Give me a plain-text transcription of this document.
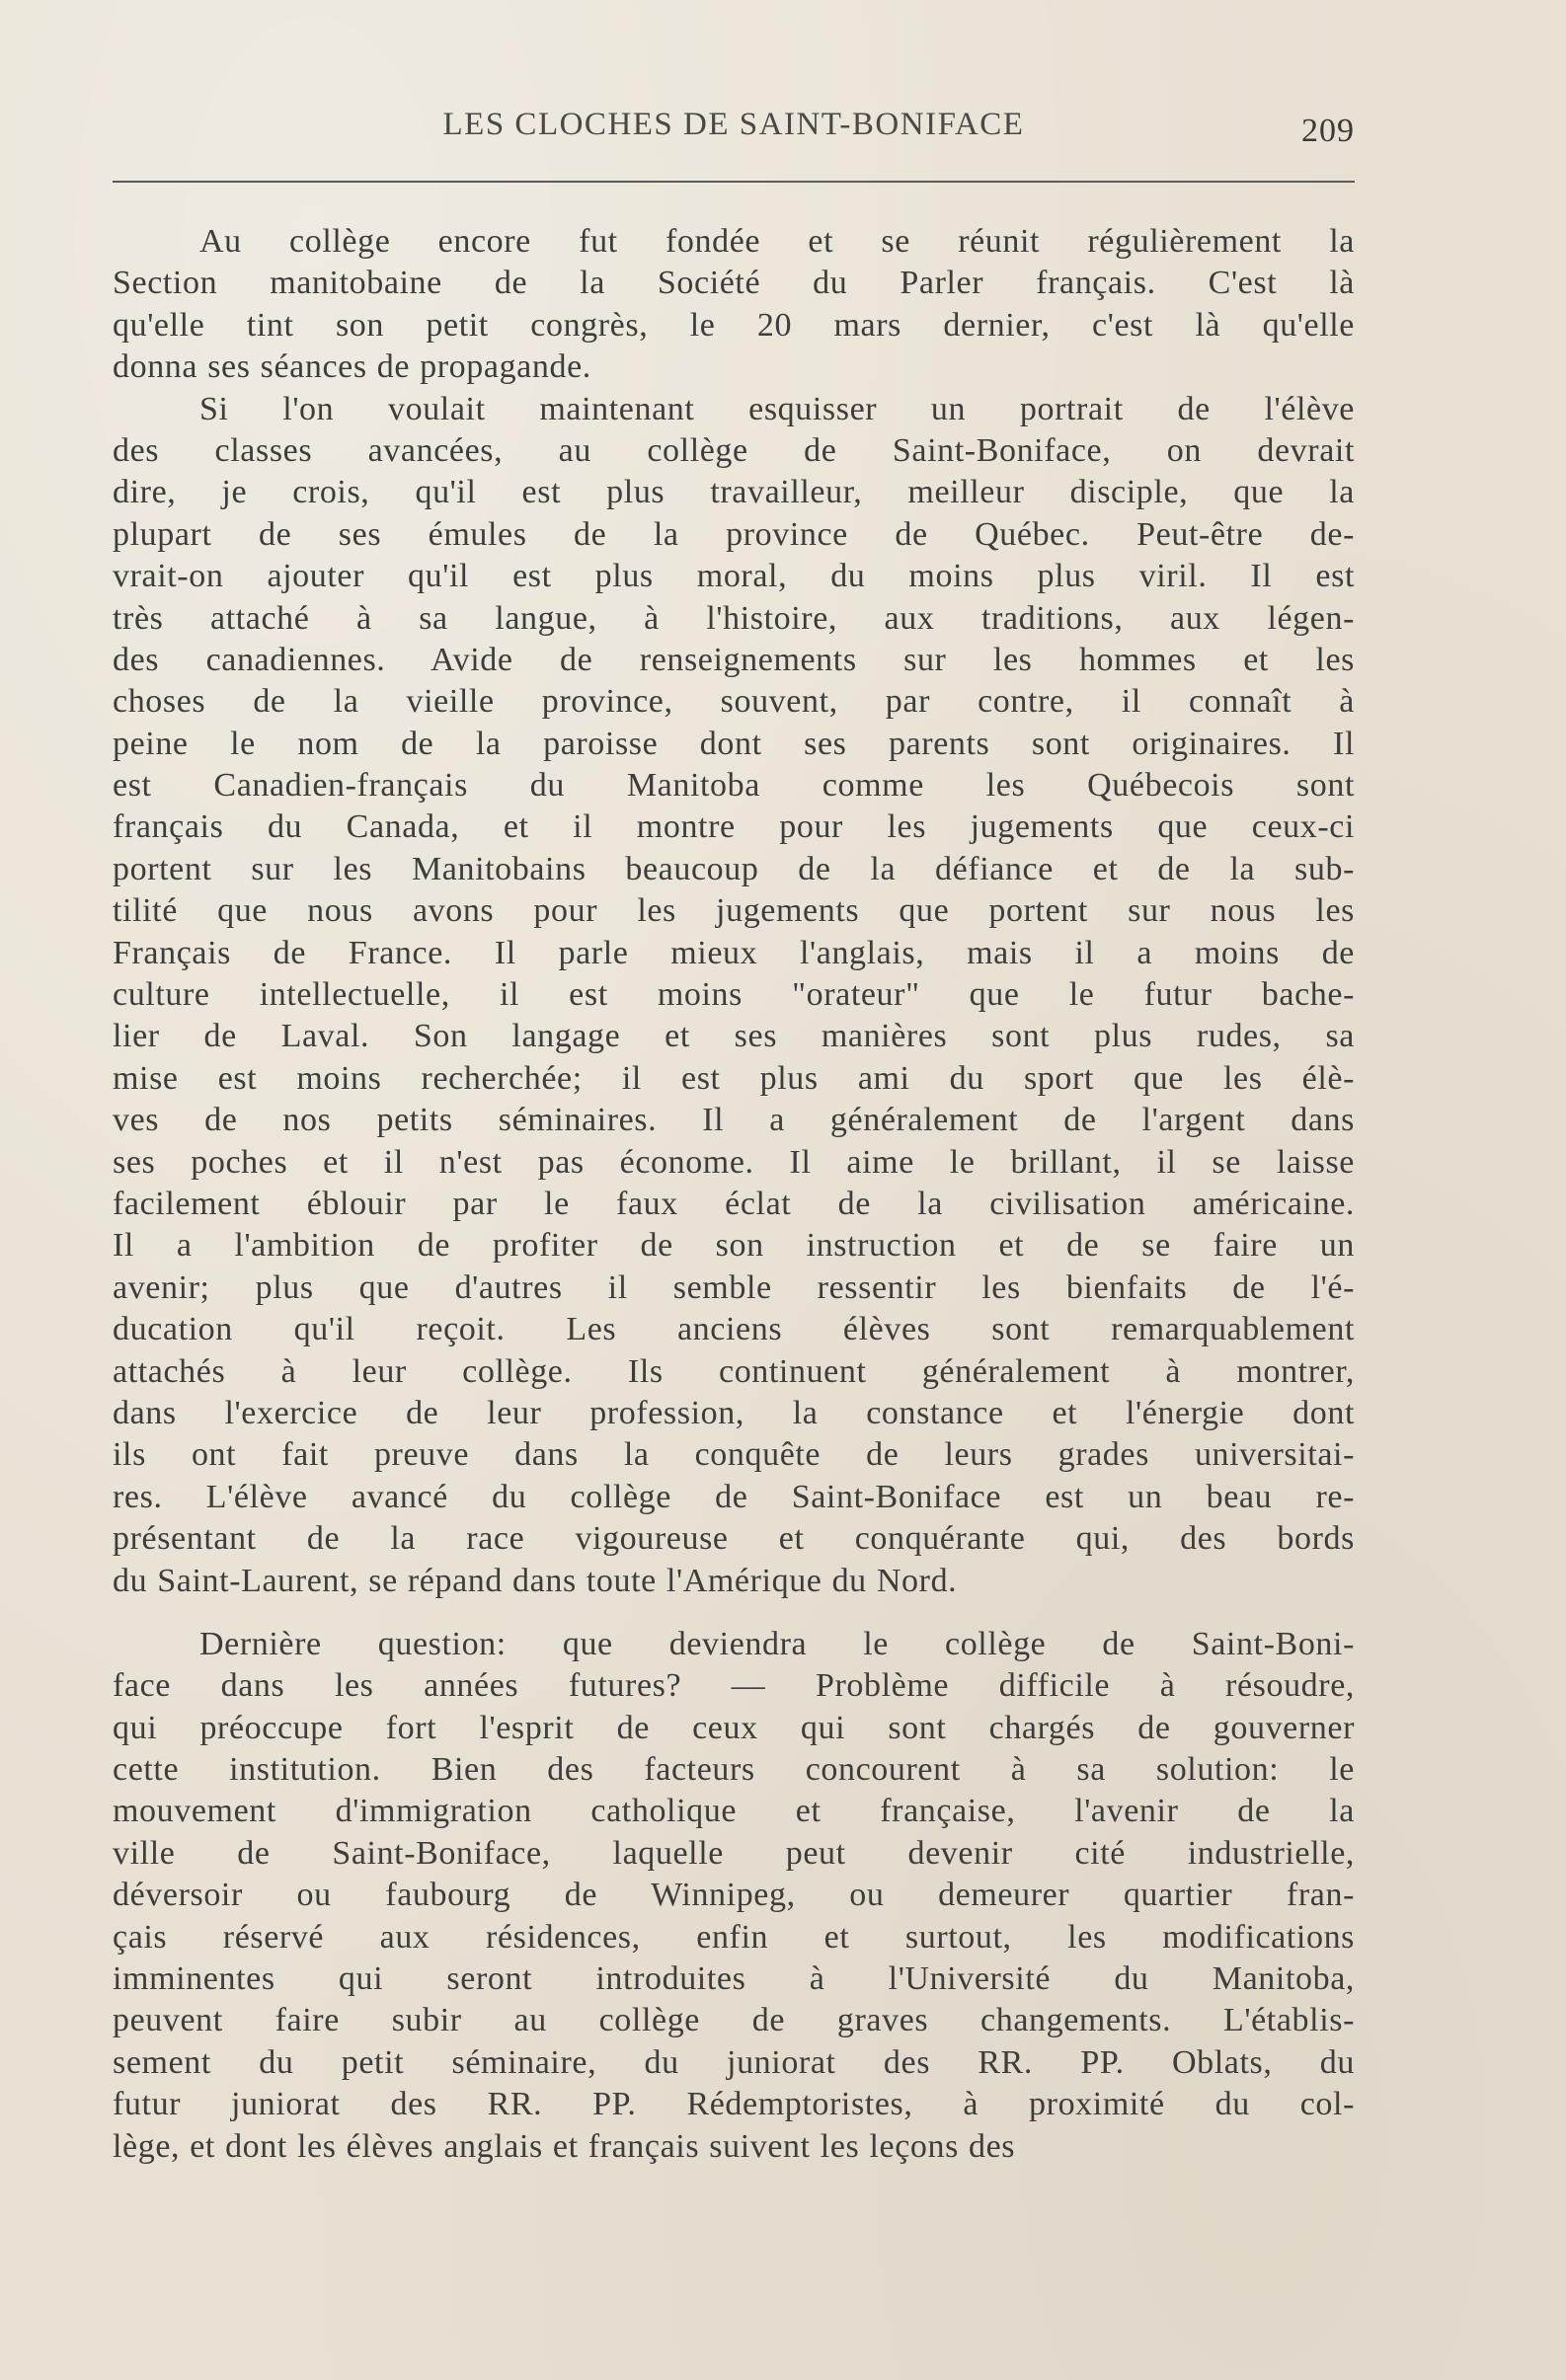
LES CLOCHES DE SAINT-BONIFACE	209
Au collège encore fut fondée et se réunit régulièrement la
Section manitobaine de la Société du Parler français. C'est là
qu'elle tint son petit congrès, le 20 mars dernier, c'est là qu'elle
donna ses séances de propagande.
Si l'on voulait maintenant esquisser un portrait de l'élève
des classes avancées, au collège de Saint-Boniface, on devrait
dire, je crois, qu'il est plus travailleur, meilleur disciple, que la
plupart de ses émules de la province de Québec. Peut-être de-
vrait-on ajouter qu'il est plus moral, du moins plus viril. Il est
très attaché à sa langue, à l'histoire, aux traditions, aux légen-
des canadiennes. Avide de renseignements sur les hommes et les
choses de la vieille province, souvent, par contre, il connaît à
peine le nom de la paroisse dont ses parents sont originaires. Il
est Canadien-français du Manitoba comme les Québecois sont
français du Canada, et il montre pour les jugements que ceux-ci
portent sur les Manitobains beaucoup de la défiance et de la sub-
tilité que nous avons pour les jugements que portent sur nous les
Français de France. Il parle mieux l'anglais, mais il a moins de
culture intellectuelle, il est moins "orateur" que le futur bache-
lier de Laval. Son langage et ses manières sont plus rudes, sa
mise est moins recherchée; il est plus ami du sport que les élè-
ves de nos petits séminaires. Il a généralement de l'argent dans
ses poches et il n'est pas économe. Il aime le brillant, il se laisse
facilement éblouir par le faux éclat de la civilisation américaine.
Il a l'ambition de profiter de son instruction et de se faire un
avenir; plus que d'autres il semble ressentir les bienfaits de l'é-
ducation qu'il reçoit. Les anciens élèves sont remarquablement
attachés à leur collège. Ils continuent généralement à montrer,
dans l'exercice de leur profession, la constance et l'énergie dont
ils ont fait preuve dans la conquête de leurs grades universitai-
res. L'élève avancé du collège de Saint-Boniface est un beau re-
présentant de la race vigoureuse et conquérante qui, des bords
du Saint-Laurent, se répand dans toute l'Amérique du Nord.
Dernière question: que deviendra le collège de Saint-Boni-
face dans les années futures? — Problème difficile à résoudre,
qui préoccupe fort l'esprit de ceux qui sont chargés de gouverner
cette institution. Bien des facteurs concourent à sa solution: le
mouvement d'immigration catholique et française, l'avenir de la
ville de Saint-Boniface, laquelle peut devenir cité industrielle,
déversoir ou faubourg de Winnipeg, ou demeurer quartier fran-
çais réservé aux résidences, enfin et surtout, les modifications
imminentes qui seront introduites à l'Université du Manitoba,
peuvent faire subir au collège de graves changements. L'établis-
sement du petit séminaire, du juniorat des RR. PP. Oblats, du
futur juniorat des RR. PP. Rédemptoristes, à proximité du col-
lège, et dont les élèves anglais et français suivent les leçons des
